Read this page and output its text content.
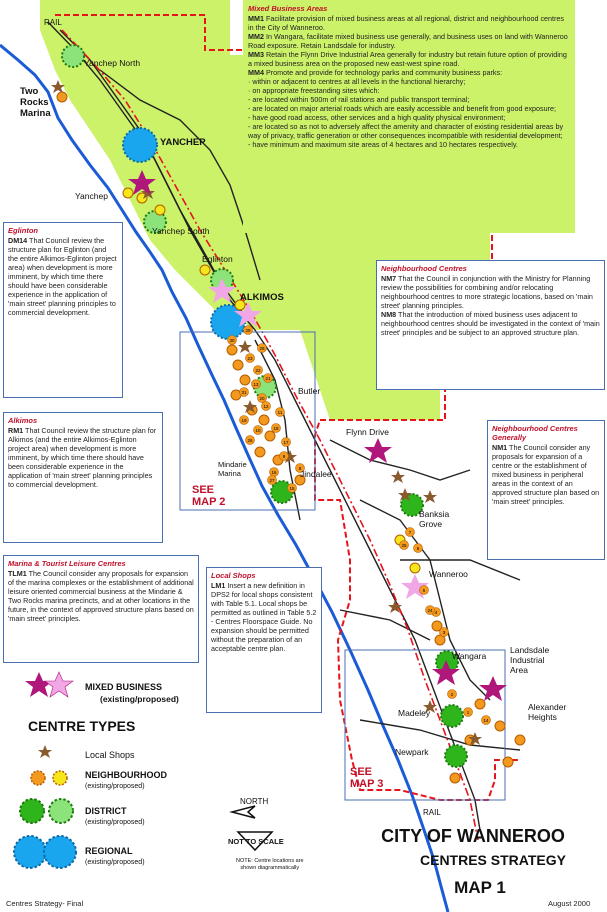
23
22
21
20
19
18
17
16
15
13
12
11
10
9
8
7
6
5
4
3
2
1
14
24
25
26
27
28
29
30
31
RAIL
Yanchep North
Two
Rocks
Marina
YANCHEP
Yanchep
Yanchep South
Eglinton
ALKIMOS
Butler
Flynn Drive
Jindalee
Mindarie
Marina
Banksia
Grove
Wanneroo
Wangara
Landsdale
Industrial
Area
Madeley
Alexander
Heights
Newpark
SEE
MAP 2
SEE
MAP 3
RAIL
NORTH
NOT TO SCALE
NOTE: Centre locations are
shown diagrammatically
Mixed Business Areas

MM1 Facilitate provision of mixed business areas at all regional, district and neighbourhood centres in the City of Wanneroo.

MM2 In Wangara, facilitate mixed business use generally, and business uses on land with Wanneroo Road exposure. Retain Landsdale for industry.

MM3 Retain the Flynn Drive Industrial Area generally for industry but retain future option of providing a mixed business area on the proposed new east-west spine road.

MM4 Promote and provide for technology parks and community business parks:

· within or adjacent to centres at all levels in the functional hierarchy;

· on appropriate freestanding sites which:

- are located within 500m of rail stations and public transport terminal;

- are located on major arterial roads which are easily accessible and benefit from good exposure;

- have good road access, other services and a high quality physical environment;

- are located so as not to adversely affect the amenity and character of existing residential areas by way of privacy, traffic generation or other consequences incompatible with residential development;

- have minimum and maximum site areas of 4 hectares and 10 hectares respectively.

Eglinton

DM14 That Council review the structure plan for Eglinton (and the entire Alkimos-Eglinton project area) when development is more imminent, by which time there should have been considerable experience in the application of 'main street' planning principles to commercial development.

Alkimos

RM1 That Council review the structure plan for Alkimos (and the entire Alkimos-Eglinton project area) when development is more imminent, by which time there should have been considerable experience in the application of 'main street' planning principles to commercial development.

Neighbourhood Centres

NM7 That the Council in conjunction with the Ministry for Planning review the possibilities for combining and/or relocating neighbourhood centres to more strategic locations, based on 'main street' planning principles.

NM8 That the introduction of mixed business uses adjacent to neighbourhood centres should be investigated in the context of 'main street' principles and be subject to an approved structure plan.

Neighbourhood Centres Generally

NM1 The Council consider any proposals for expansion of a centre or the establishment of mixed business in peripheral areas in the context of an approved structure plan based on 'main street' principles.

Marina & Tourist Leisure Centres

TLM1 The Council consider any proposals for expansion of the marina complexes or the establishment of additional leisure oriented commercial business at the Mindarie & Two Rocks marina precincts, and at other locations in the future, in the context of approved structure plans based on 'main street' principles.

Local Shops

LM1 Insert a new definition in DPS2 for local shops consistent with Table 5.1. Local shops be permitted as outlined in Table 5.2 - Centres Floorspace Guide. No expansion should be permitted without the preparation of an acceptable centre plan.

MIXED BUSINESS
(existing/proposed)
CENTRE TYPES
Local Shops
NEIGHBOURHOOD
(existing/proposed)
DISTRICT
(existing/proposed)
REGIONAL
(existing/proposed)
CITY OF WANNEROO
CENTRES STRATEGY
MAP 1
Centres Strategy- Final	August 2000
